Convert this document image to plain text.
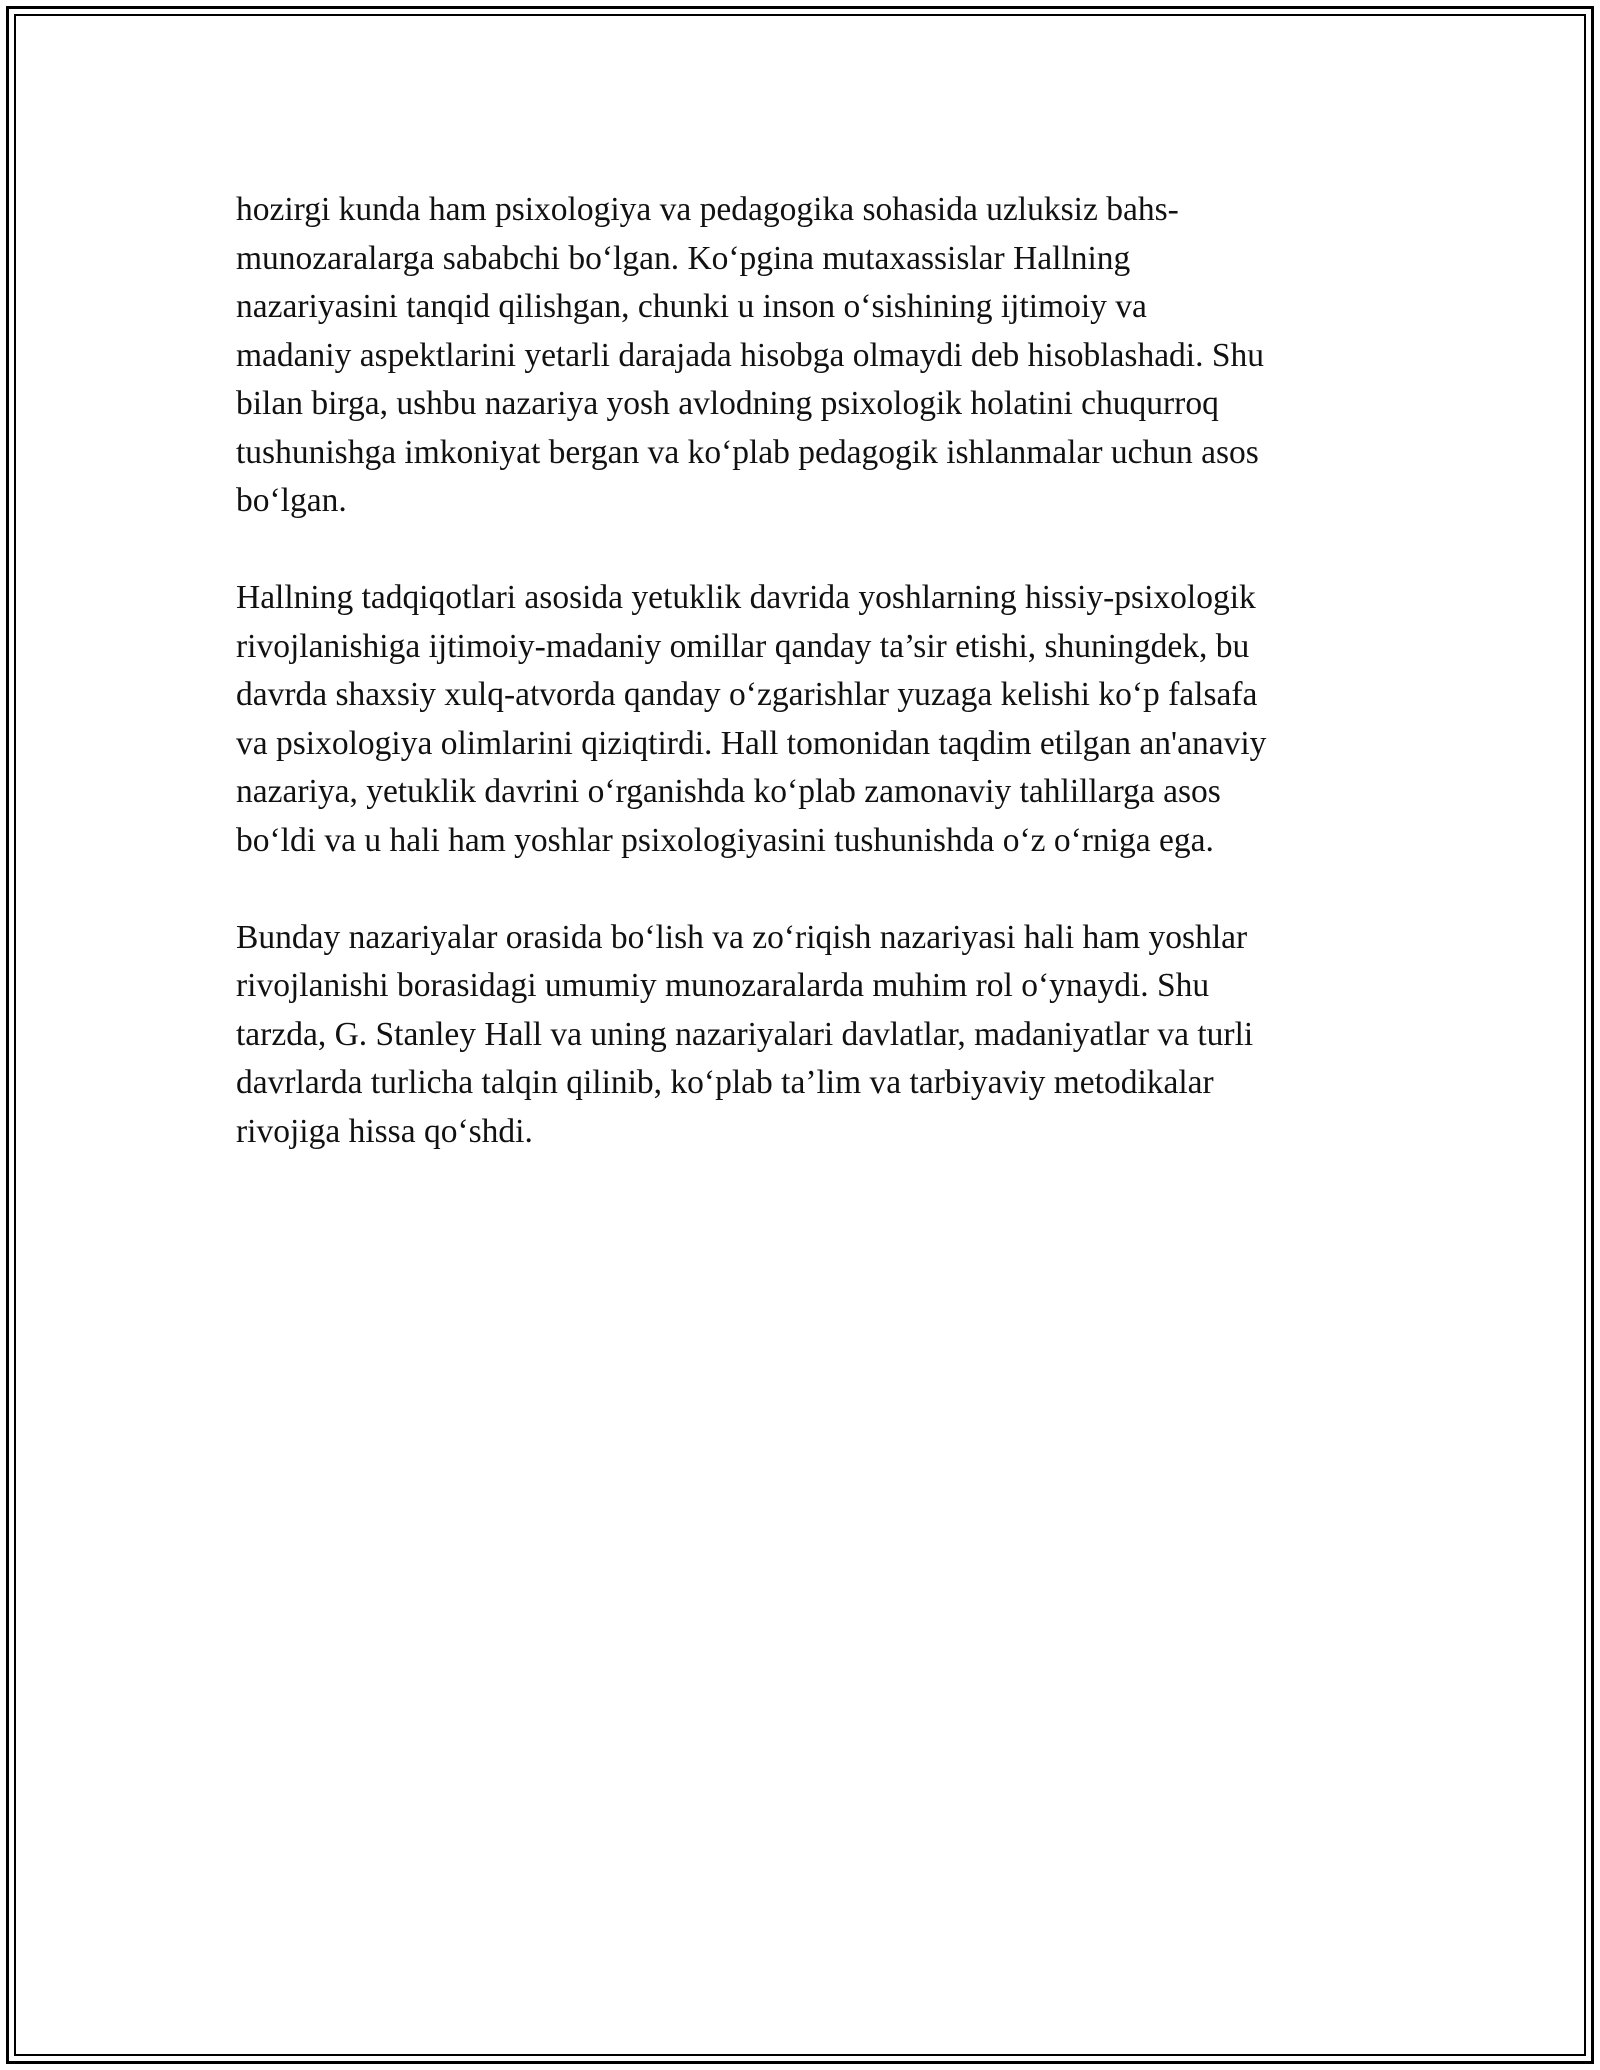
hozirgi kunda ham psixologiya va pedagogika sohasida uzluksiz bahs-
munozaralarga sababchi bo‘lgan. Ko‘pgina mutaxassislar Hallning
nazariyasini tanqid qilishgan, chunki u inson o‘sishining ijtimoiy va
madaniy aspektlarini yetarli darajada hisobga olmaydi deb hisoblashadi. Shu
bilan birga, ushbu nazariya yosh avlodning psixologik holatini chuqurroq
tushunishga imkoniyat bergan va ko‘plab pedagogik ishlanmalar uchun asos
bo‘lgan.

Hallning tadqiqotlari asosida yetuklik davrida yoshlarning hissiy-psixologik
rivojlanishiga ijtimoiy-madaniy omillar qanday ta’sir etishi, shuningdek, bu
davrda shaxsiy xulq-atvorda qanday o‘zgarishlar yuzaga kelishi ko‘p falsafa
va psixologiya olimlarini qiziqtirdi. Hall tomonidan taqdim etilgan an'anaviy
nazariya, yetuklik davrini o‘rganishda ko‘plab zamonaviy tahlillarga asos
bo‘ldi va u hali ham yoshlar psixologiyasini tushunishda o‘z o‘rniga ega.

Bunday nazariyalar orasida bo‘lish va zo‘riqish nazariyasi hali ham yoshlar
rivojlanishi borasidagi umumiy munozaralarda muhim rol o‘ynaydi. Shu
tarzda, G. Stanley Hall va uning nazariyalari davlatlar, madaniyatlar va turli
davrlarda turlicha talqin qilinib, ko‘plab ta’lim va tarbiyaviy metodikalar
rivojiga hissa qo‘shdi.
